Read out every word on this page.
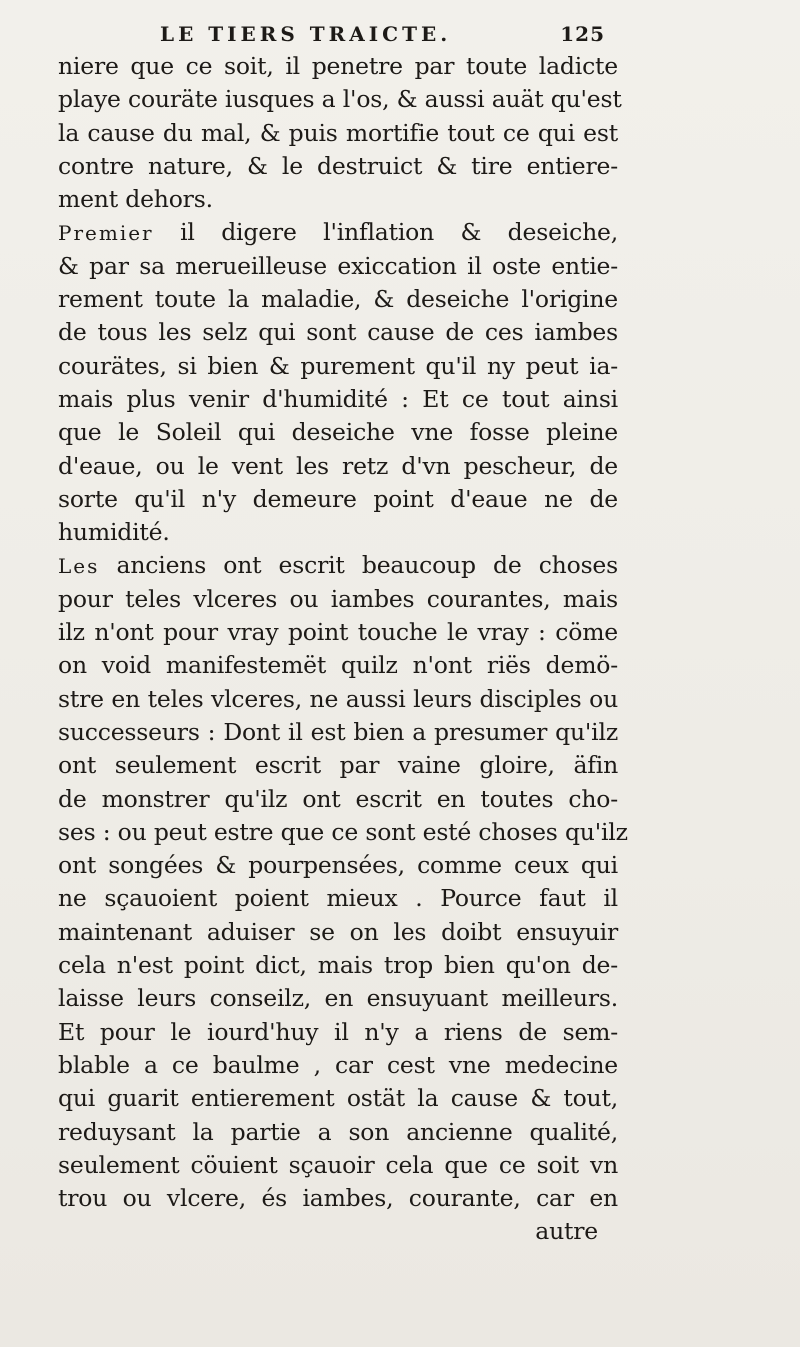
LE TIERS TRAICTE.	125
niere que ce soit, il penetre par toute ladicte
playe couräte iusques a l'os, & aussi auät qu'est
la cause du mal, & puis mortifie tout ce qui est
contre nature, & le destruict & tire entiere-
ment dehors.
Premier il digere l'inflation & deseiche,
& par sa merueilleuse exiccation il oste entie-
rement toute la maladie, & deseiche l'origine
de tous les selz qui sont cause de ces iambes
courätes, si bien & purement qu'il ny peut ia-
mais plus venir d'humidité : Et ce tout ainsi
que le Soleil qui deseiche vne fosse pleine
d'eaue, ou le vent les retz d'vn pescheur, de
sorte qu'il n'y demeure point d'eaue ne de
humidité.
Les anciens ont escrit beaucoup de choses
pour teles vlceres ou iambes courantes, mais
ilz n'ont pour vray point touche le vray : cöme
on void manifestemët quilz n'ont riës demö-
stre en teles vlceres, ne aussi leurs disciples ou
successeurs : Dont il est bien a presumer qu'ilz
ont seulement escrit par vaine gloire, äfin
de monstrer qu'ilz ont escrit en toutes cho-
ses : ou peut estre que ce sont esté choses qu'ilz
ont songées & pourpensées, comme ceux qui
ne sçauoient poient mieux . Pource faut il
maintenant aduiser se on les doibt ensuyuir
cela n'est point dict, mais trop bien qu'on de-
laisse leurs conseilz, en ensuyuant meilleurs.
Et pour le iourd'huy il n'y a riens de sem-
blable a ce baulme , car cest vne medecine
qui guarit entierement ostät la cause & tout,
reduysant la partie a son ancienne qualité,
seulement cöuient sçauoir cela que ce soit vn
trou ou vlcere, és iambes, courante, car en
autre
